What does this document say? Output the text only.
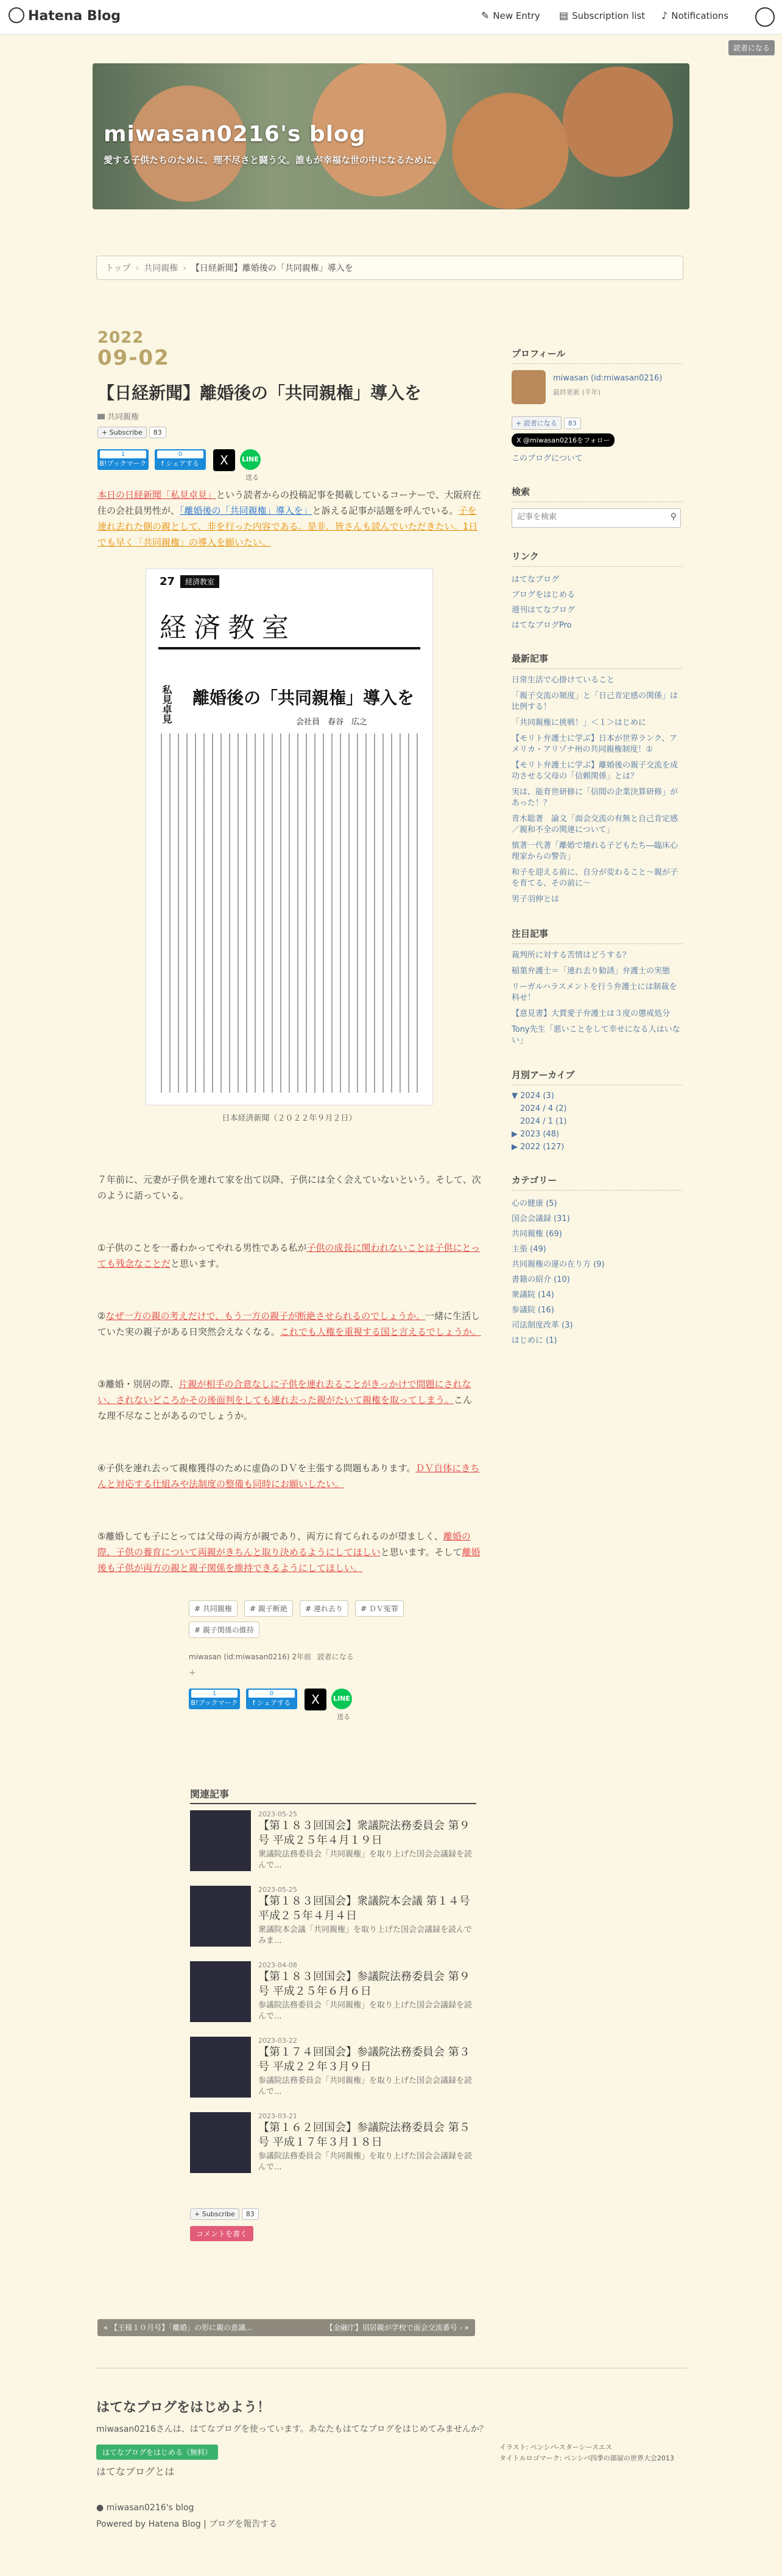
Hatena Blog	✎ New Entry ▤ Subscription list ♪ Notifications
読者になる
miwasan0216's blog
愛する子供たちのために、理不尽さと闘う父。誰もが幸福な世の中になるために。
トップ › 共同親権 › 【日経新聞】離婚後の「共同親権」導入を
2022
09-02
【日経新聞】離婚後の「共同親権」導入を
共同親権
+ Subscribe 83
1
B!ブックマーク
0
f シェアする	X	LINE
送る

本日の日経新聞「私見卓見」という読者からの投稿記事を掲載しているコーナーで、大阪府在住の会社員男性が、「離婚後の「共同親権」導入を」と訴える記事が話題を呼んでいる。子を連れ去れた側の親として、非を行った内容である。是非、皆さんも読んでいただきたい。1日でも早く「共同親権」の導入を願いたい。

27	経済教室
経済教室
私見卓見 離婚後の「共同親権」導入を
会社員　春谷　広之
日本経済新聞（２０２２年９月２日）

７年前に、元妻が子供を連れて家を出て以降、子供には全く会えていないという。そして、次のように語っている。

①子供のことを一番わかってやれる男性である私が子供の成長に関われないことは子供にとっても残念なことだと思います。

②なぜ一方の親の考えだけで、もう一方の親子が断絶させられるのでしょうか。一緒に生活していた実の親子がある日突然会えなくなる。これでも人権を重視する国と言えるでしょうか。

③離婚・別居の際、片親が相手の合意なしに子供を連れ去ることがきっかけで問題にされない、されないどころかその後面判をしても連れ去った親がたいて親権を取ってしまう。こんな理不尽なことがあるのでしょうか。

④子供を連れ去って親権獲得のために虚偽のＤＶを主張する問題もあります。ＤＶ自体にきちんと対応する仕組みや法制度の整備も同時にお願いしたい。

⑤離婚しても子にとっては父母の両方が親であり、両方に育てられるのが望ましく、離婚の際、子供の養育について両親がきちんと取り決めるようにしてほしいと思います。そして離婚後も子供が両方の親と親子関係を維持できるようにしてほしい。

# 共同親権 # 親子断絶 # 連れ去り # ＤＶ冤罪 # 親子関係の維持
miwasan (id:miwasan0216) 2年前 読者になる
+
1
B!ブックマーク
0
f シェアする	X	LINE
送る
関連記事
2023-05-25
【第１８３回国会】衆議院法務委員会 第９号 平成２５年４月１９日
衆議院法務委員会「共同親権」を取り上げた国会会議録を読んで...
2023-05-25
【第１８３回国会】衆議院本会議 第１４号 平成２５年４月４日
衆議院本会議「共同親権」を取り上げた国会会議録を読んでみま...
2023-04-08
【第１８３回国会】参議院法務委員会 第９号 平成２５年６月６日
参議院法務委員会「共同親権」を取り上げた国会会議録を読んで...
2023-03-22
【第１７４回国会】参議院法務委員会 第３号 平成２２年３月９日
参議院法務委員会「共同親権」を取り上げた国会会議録を読んで...
2023-03-21
【第１６２回国会】参議院法務委員会 第５号 平成１７年３月１８日
参議院法務委員会「共同親権」を取り上げた国会会議録を読んで...
+ Subscribe 83
コメントを書く
« 【王様１０月号】「離婚」の形に親の意識...	【金融庁】別居親が学校で面会交流番号 - »
プロフィール
miwasan (id:miwasan0216)
最終更新 (半年)
+ 読者になる 83
X @miwasan0216をフォロー
このブログについて
検索
記事を検索
⚲
リンク
はてなブログ
ブログをはじめる
週刊はてなブログ
はてなブログPro
最新記事
日常生活で心掛けていること
「親子交流の頻度」と「日己肯定感の関係」は比例する！
「共同親権に挑戦！」＜１＞はじめに
【モリト弁護士に学ぶ】日本が世界ランク、アメリカ・アリゾナ州の共同親権制度！①
【モリト弁護士に学ぶ】離婚後の親子交流を成功させる父母の「信頼関係」とは？
実は、能育世研修に「信間の企業決算研修」があった！？
青木聡著　論文「面会交流の有無と自己肯定感／親和不全の関連について」
慎著一代著「離婚で壊れる子どもたち―臨床心理家からの警告」
和子を迎える前に、自分が変わること〜親が子を育てる、その前に〜
男子羽伸とは
注目記事
裁判所に対する苦情はどうする？
稲葉弁護士＝「連れ去り勧誘」弁護士の実態
リーガルハラスメントを行う弁護士には制裁を科せ！
【意見書】大貫愛子弁護士は３度の懲戒処分
Tony先生「悪いことをして幸せになる人はいない」
月別アーカイブ
▼ 2024 (3)
2024 / 4 (2)
2024 / 1 (1)
▶ 2023 (48)
▶ 2022 (127)
カテゴリー
心の健康 (5)
国会会議録 (31)
共同親権 (69)
主張 (49)
共同親権の運の在り方 (9)
書籍の紹介 (10)
衆議院 (14)
参議院 (16)
司法制度改革 (3)
はじめに (1)
はてなブログをはじめよう！
miwasan0216さんは、はてなブログを使っています。あなたもはてなブログをはじめてみませんか？
はてなブログをはじめる（無料）
はてなブログとは
イラスト: ペンシバ-スターシースエス
タイトルロゴマーク: ペンシバ四季の部屋の世界大会2013
● miwasan0216's blog
Powered by Hatena Blog | ブログを報告する
